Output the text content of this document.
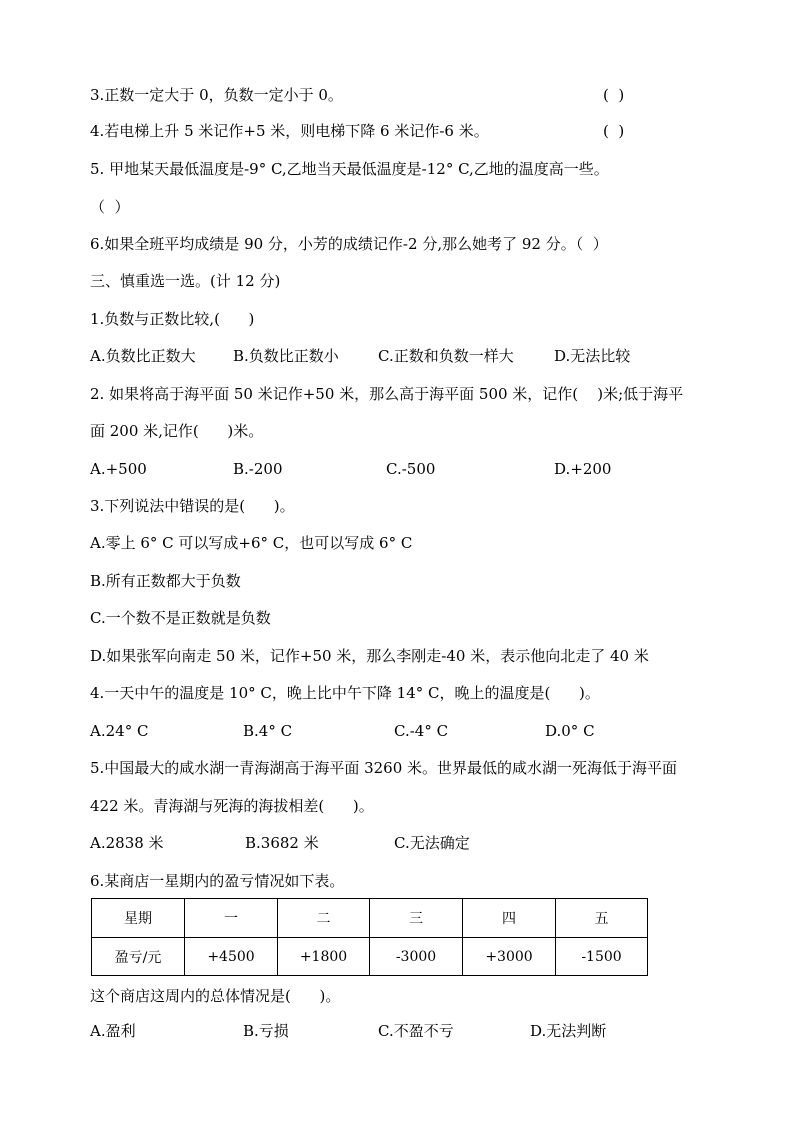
3.正数一定大于 0，负数一定小于 0。	(  )
4.若电梯上升 5 米记作+5 米，则电梯下降 6 米记作-6 米。	(  )
5. 甲地某天最低温度是-9° C,乙地当天最低温度是-12° C,乙地的温度高一些。
（  ）
6.如果全班平均成绩是 90 分，小芳的成绩记作-2 分,那么她考了 92 分。（  ）
三、慎重选一选。(计 12 分)
1.负数与正数比较,(      )
A.负数比正数大 B.负数比正数小	C.正数和负数一样大	D.无法比较
2. 如果将高于海平面 50 米记作+50 米，那么高于海平面 500 米，记作(    )米;低于海平
面 200 米,记作(      )米。
A.+500	B.-200	C.-500	D.+200
3.下列说法中错误的是(      )。
A.零上 6° C 可以写成+6° C，也可以写成 6° C
B.所有正数都大于负数
C.一个数不是正数就是负数
D.如果张军向南走 50 米，记作+50 米，那么李刚走-40 米，表示他向北走了 40 米
4.一天中午的温度是 10° C，晚上比中午下降 14° C，晚上的温度是(      )。
A.24° C	B.4° C	C.-4° C	D.0° C
5.中国最大的咸水湖一青海湖高于海平面 3260 米。世界最低的咸水湖一死海低于海平面
422 米。青海湖与死海的海拔相差(      )。
A.2838 米	B.3682 米	C.无法确定
6.某商店一星期内的盈亏情况如下表。
星期	一	二	三	四	五
盈亏/元	+4500	+1800	-3000	+3000	-1500
这个商店这周内的总体情况是(      )。
A.盈利	B.亏损	C.不盈不亏	D.无法判断
